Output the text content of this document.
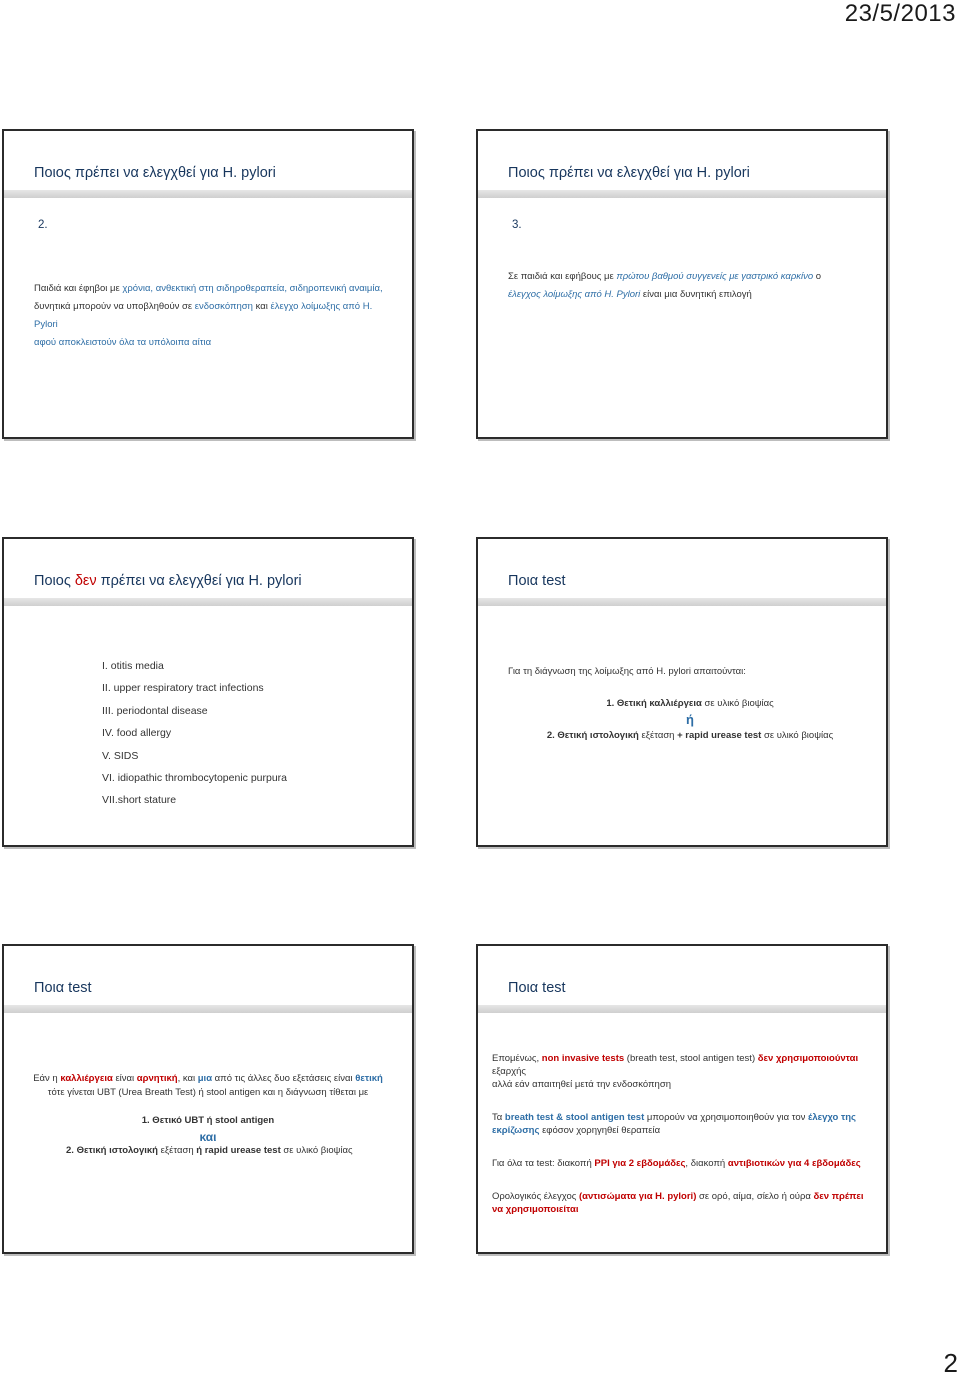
23/5/2013
Ποιος πρέπει να ελεγχθεί για H. pylori
2.
Παιδιά και έφηβοι με χρόνια, ανθεκτική στη σιδηροθεραπεία, σιδηροπενική αναιμία,
δυνητικά μπορούν να υποβληθούν σε ενδοσκόπηση και έλεγχο λοίμωξης από H. Pylori
αφού αποκλειστούν όλα τα υπόλοιπα αίτια
Ποιος πρέπει να ελεγχθεί για H. pylori
3.
Σε παιδιά και εφήβους με πρώτου βαθμού συγγενείς με γαστρικό καρκίνο ο
έλεγχος λοίμωξης από H. Pylori είναι μια δυνητική επιλογή
Ποιος δεν πρέπει να ελεγχθεί για H. pylori
I. otitis media
II. upper respiratory tract infections
III. periodontal disease
IV. food allergy
V. SIDS
VI. idiopathic thrombocytopenic purpura
VII.short stature
Ποια test
Για τη διάγνωση της λοίμωξης από H. pylori απαιτούνται:
1. Θετική καλλιέργεια σε υλικό βιοψίας
ή
2. Θετική ιστολογική εξέταση + rapid urease test σε υλικό βιοψίας
Ποια test
Εάν η καλλιέργεια είναι αρνητική, και μια από τις άλλες δυο εξετάσεις είναι θετική
τότε γίνεται UBT (Urea Breath Test) ή stool antigen και η διάγνωση τίθεται με
1. Θετικό UBT ή stool antigen
και
2. Θετική ιστολογική εξέταση ή rapid urease test σε υλικό βιοψίας
Ποια test
Επομένως, non invasive tests (breath test, stool antigen test) δεν χρησιμοποιούνται εξαρχής
αλλά εάν απαιτηθεί μετά την ενδοσκόπηση
Τα breath test & stool antigen test μπορούν να χρησιμοποιηθούν για τον έλεγχο της εκρίζωσης εφόσον χορηγηθεί θεραπεία
Για όλα τα test: διακοπή PPI για 2 εβδομάδες, διακοπή αντιβιοτικών για 4 εβδομάδες
Ορολογικός έλεγχος (αντισώματα για H. pylori) σε ορό, αίμα, σίελο ή ούρα δεν πρέπει
να χρησιμοποιείται
2
